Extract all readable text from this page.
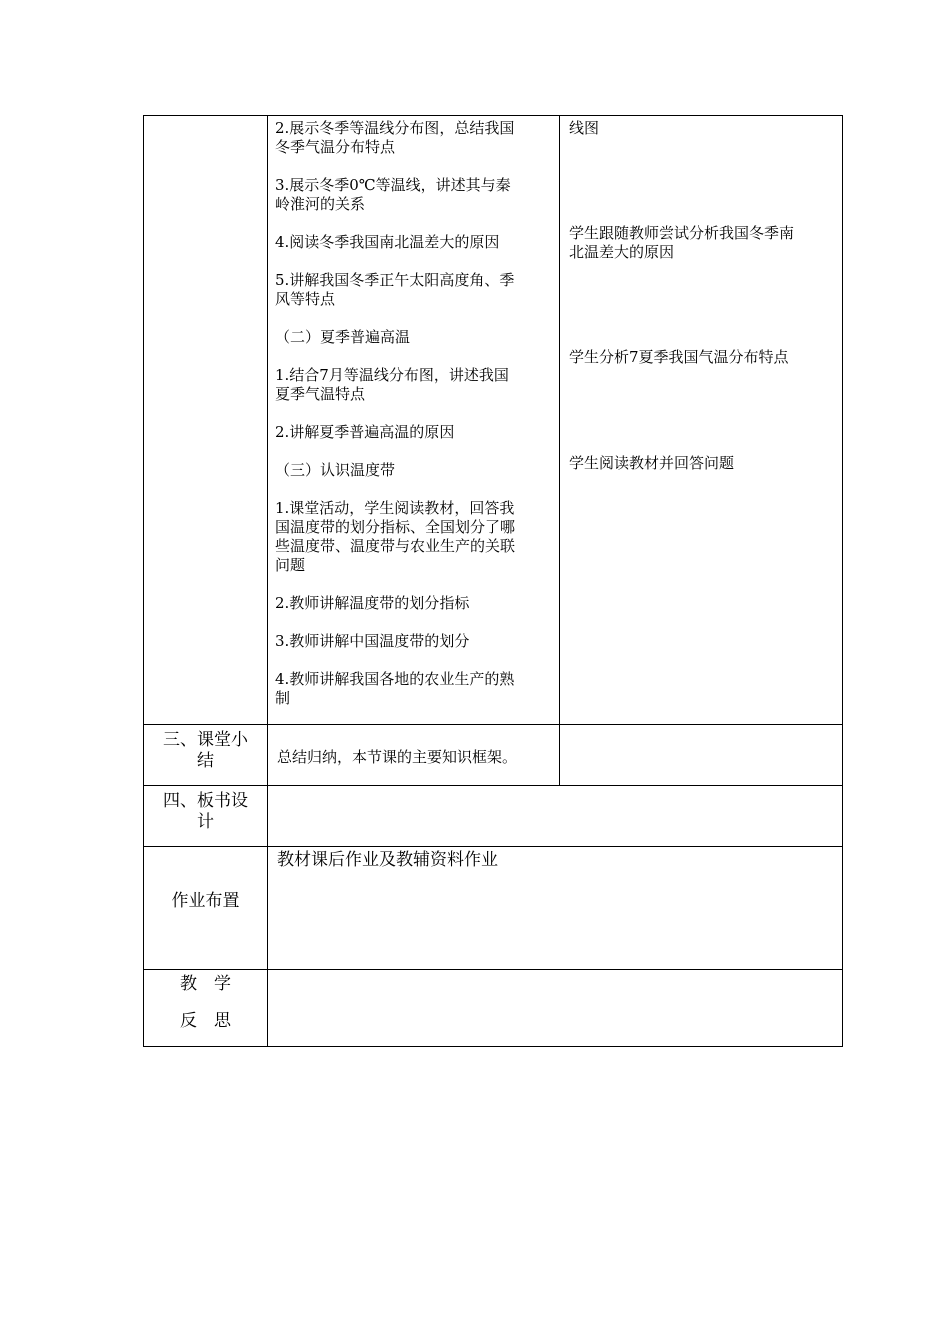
2.展示冬季等温线分布图，总结我国
冬季气温分布特点
3.展示冬季0℃等温线，讲述其与秦
岭淮河的关系
4.阅读冬季我国南北温差大的原因
5.讲解我国冬季正午太阳高度角、季
风等特点
（二）夏季普遍高温
1.结合7月等温线分布图，讲述我国
夏季气温特点
2.讲解夏季普遍高温的原因
（三）认识温度带
1.课堂活动，学生阅读教材，回答我
国温度带的划分指标、全国划分了哪
些温度带、温度带与农业生产的关联
问题
2.教师讲解温度带的划分指标
3.教师讲解中国温度带的划分
4.教师讲解我国各地的农业生产的熟
制
线图
学生跟随教师尝试分析我国冬季南
北温差大的原因
学生分析7夏季我国气温分布特点
学生阅读教材并回答问题
三、课堂小
结	总结归纳，本节课的主要知识框架。
四、板书设
计
作业布置
教材课后作业及教辅资料作业
教　学
反　思
